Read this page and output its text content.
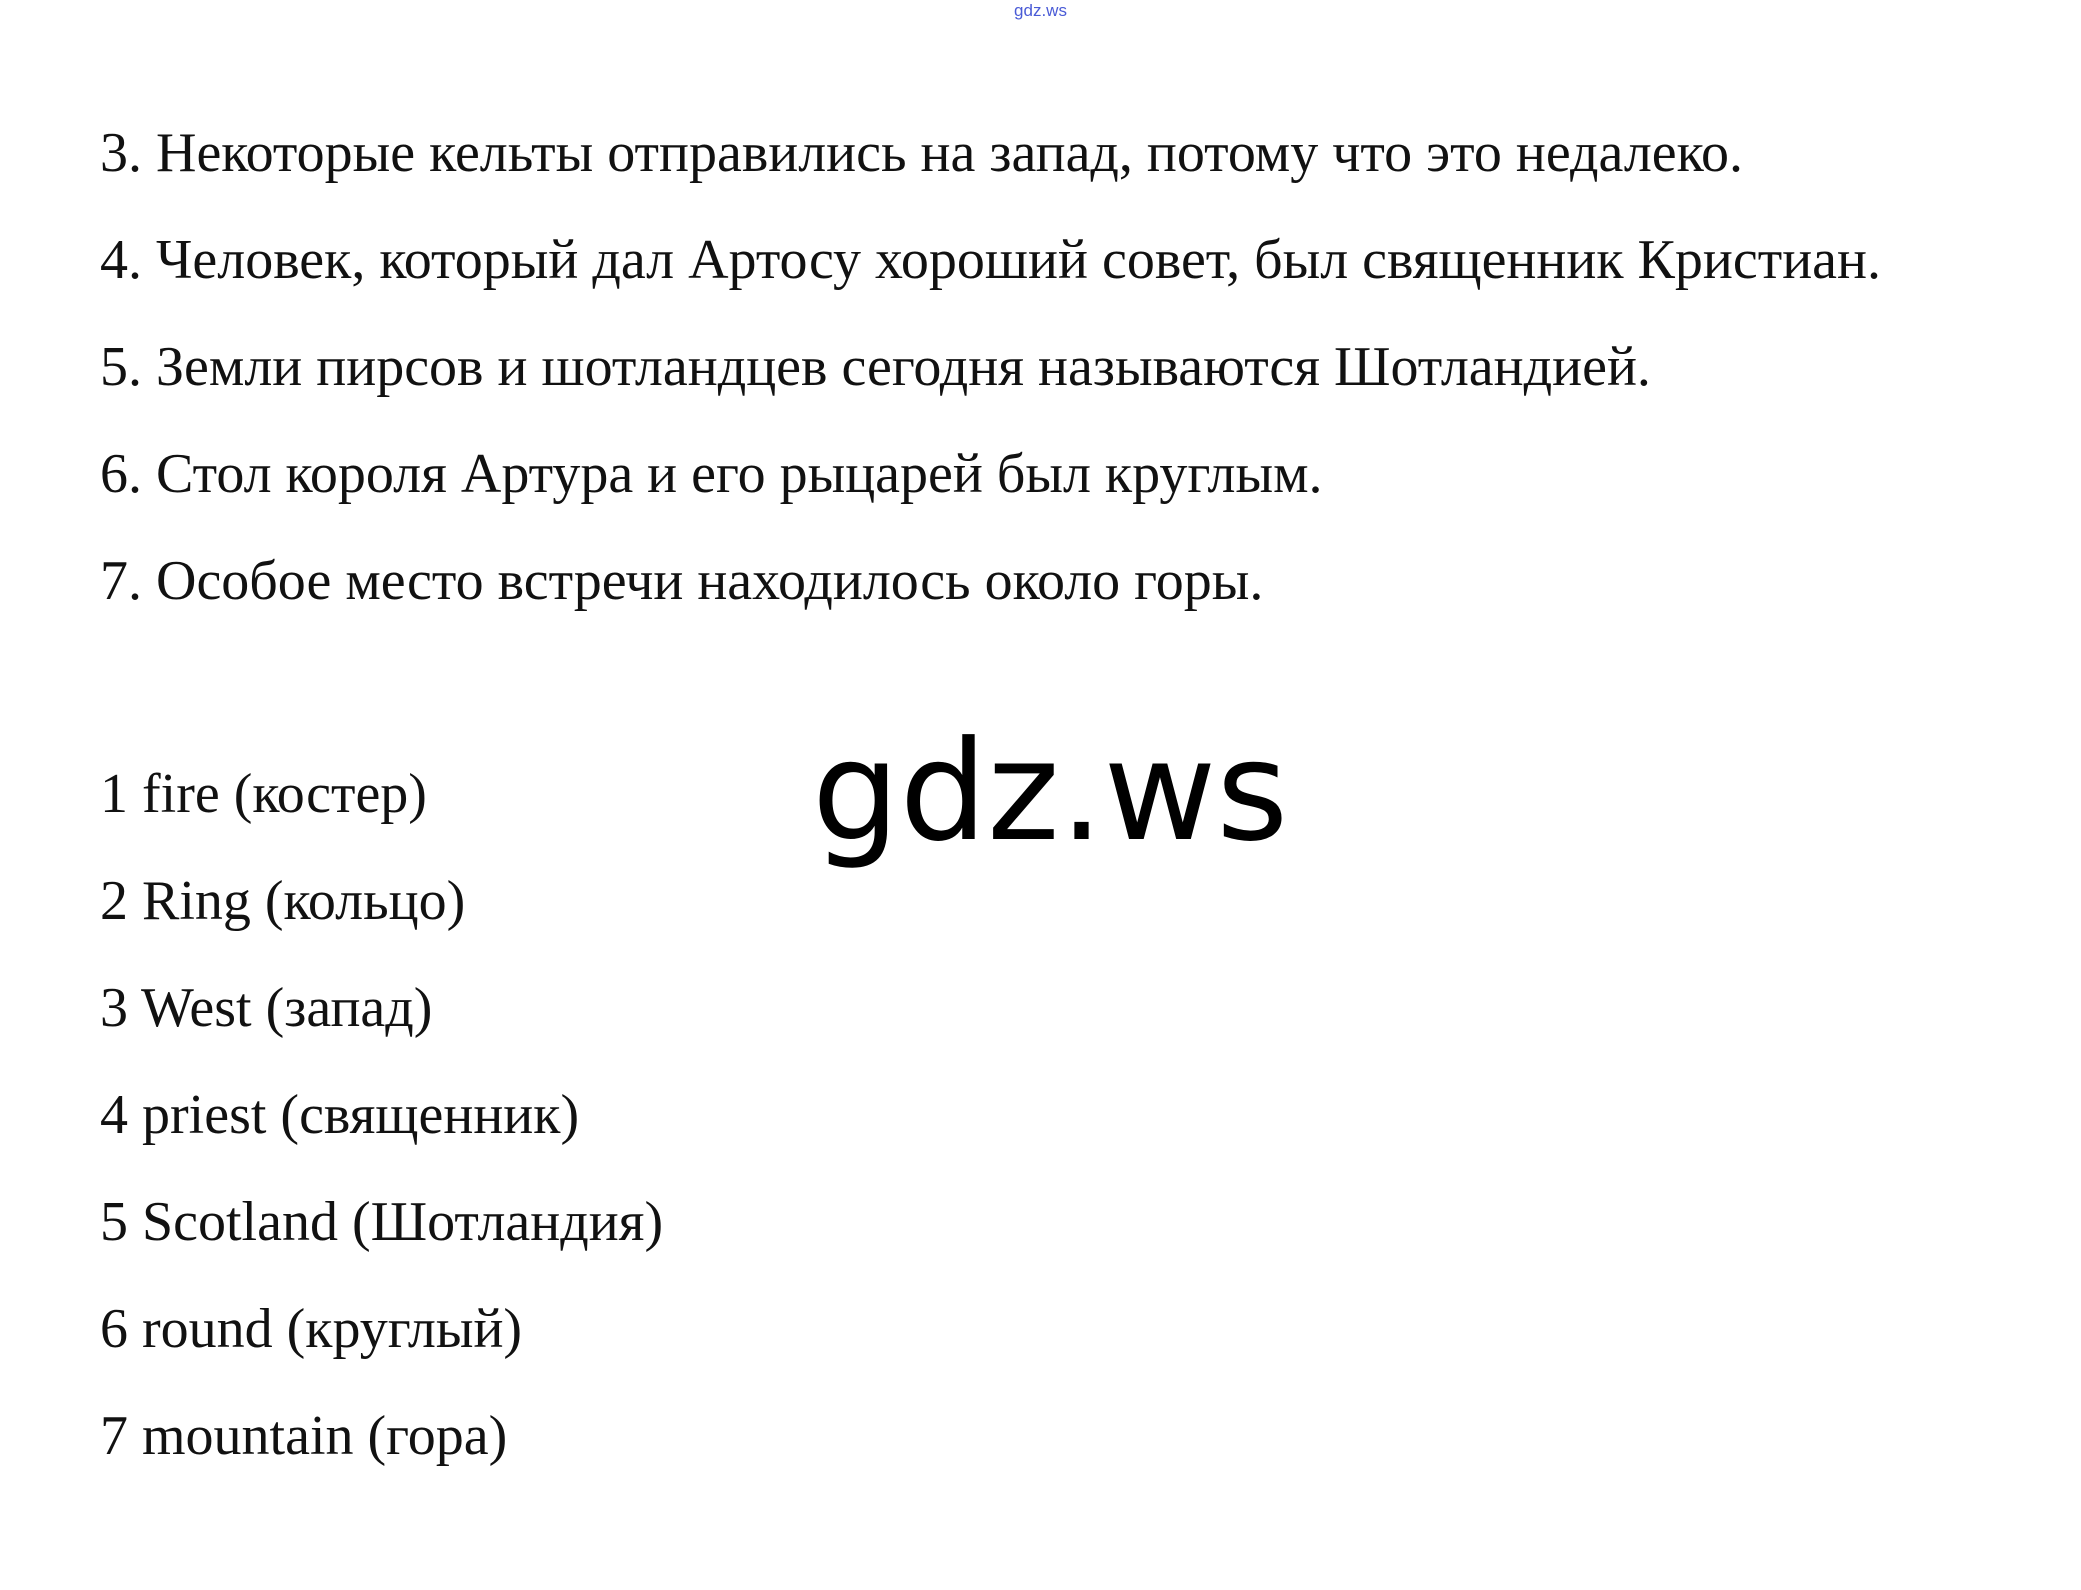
gdz.ws
3. Некоторые кельты отправились на запад, потому что это недалеко.
4. Человек, который дал Артосу хороший совет, был священник Кристиан.
5. Земли пирсов и шотландцев сегодня называются Шотландией.
6. Стол короля Артура и его рыцарей был круглым.
7. Особое место встречи находилось около горы.
gdz.ws
1 fire (костер)
2 Ring (кольцо)
3 West (запад)
4 priest (священник)
5 Scotland (Шотландия)
6 round (круглый)
7 mountain (гора)
